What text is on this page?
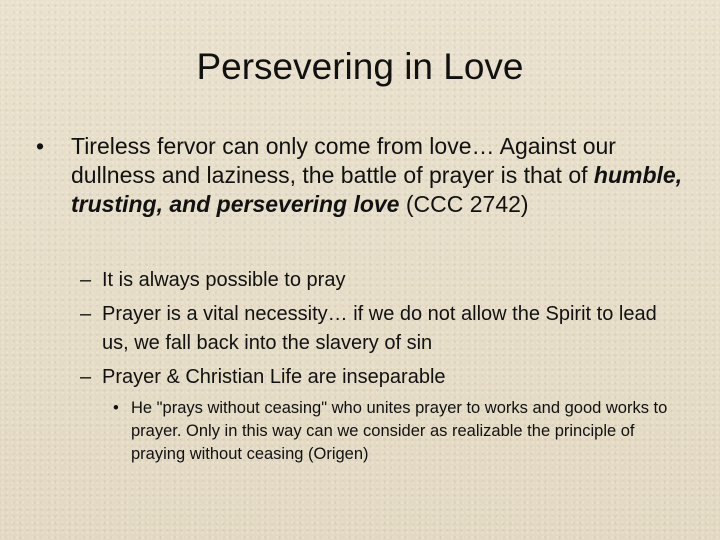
Persevering in Love
• Tireless fervor can only come from love… Against our dullness and laziness, the battle of prayer is that of humble, trusting, and persevering love (CCC 2742)
– It is always possible to pray
– Prayer is a vital necessity… if we do not allow the Spirit to lead us, we fall back into the slavery of sin
– Prayer & Christian Life are inseparable
• He "prays without ceasing" who unites prayer to works and good works to prayer. Only in this way can we consider as realizable the principle of praying without ceasing (Origen)
